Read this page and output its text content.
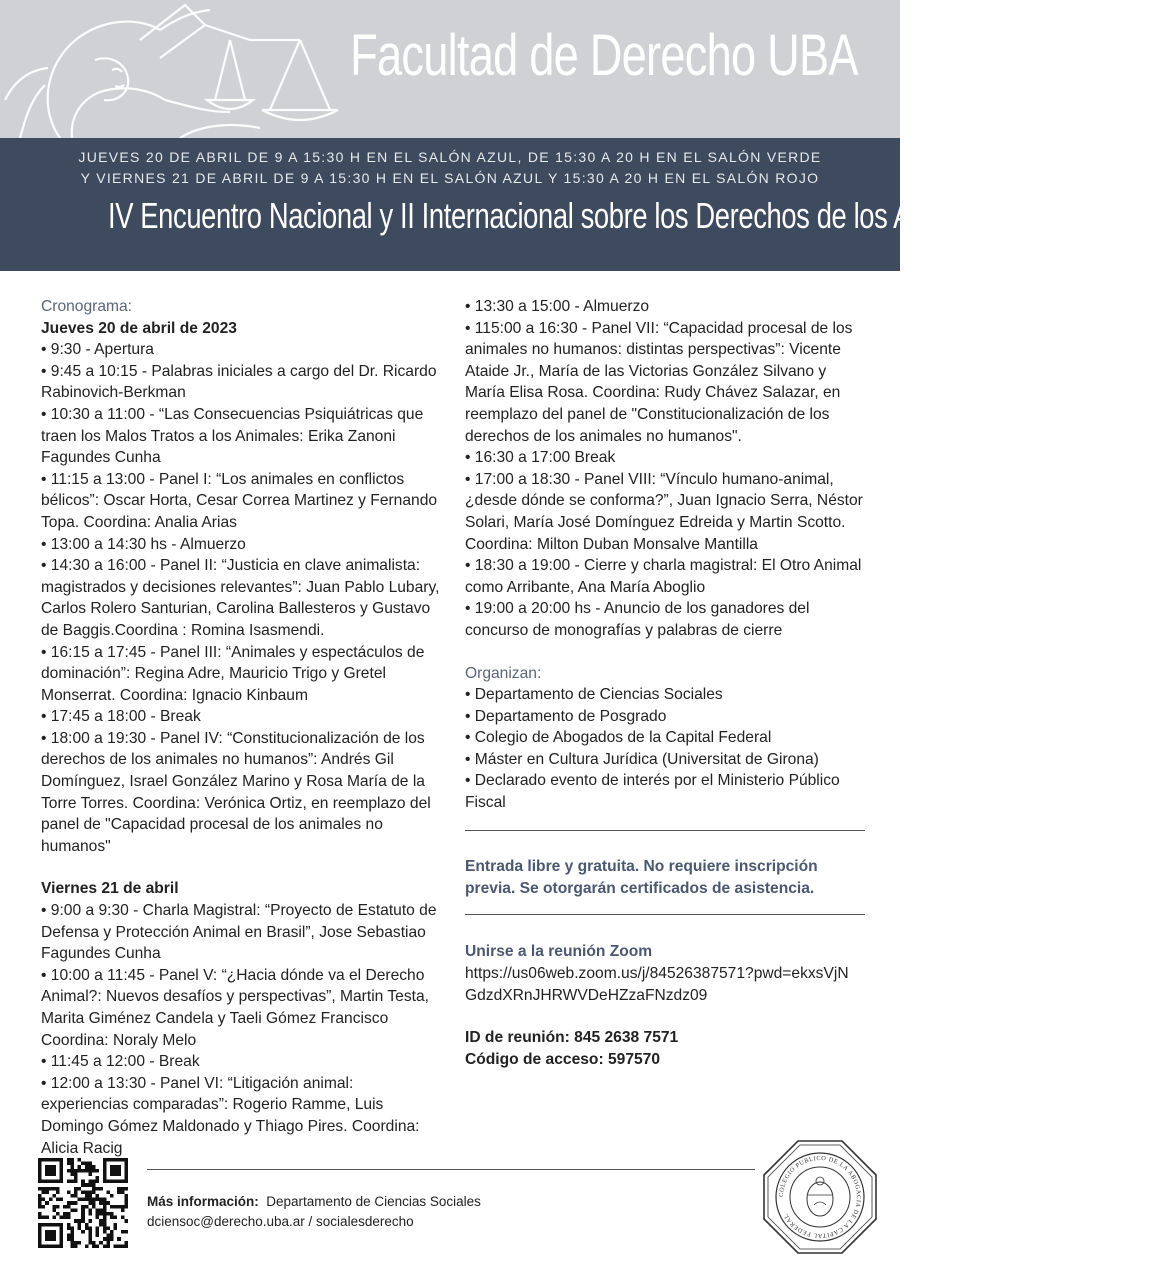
Facultad de Derecho UBA
JUEVES 20 DE ABRIL DE 9 A 15:30 H EN EL SALÓN AZUL, DE 15:30 A 20 H EN EL SALÓN VERDE
Y VIERNES 21 DE ABRIL DE 9 A 15:30 H EN EL SALÓN AZUL Y 15:30 A 20 H EN EL SALÓN ROJO
IV Encuentro Nacional y II Internacional sobre los Derechos de los Animales No Humanos
Cronograma:
Jueves 20 de abril de 2023
• 9:30 - Apertura
• 9:45 a 10:15 - Palabras iniciales a cargo del Dr. Ricardo Rabinovich-Berkman
• 10:30 a 11:00 - “Las Consecuencias Psiquiátricas que traen los Malos Tratos a los Animales: Erika Zanoni Fagundes Cunha
• 11:15 a 13:00 - Panel I: “Los animales en conflictos bélicos”: Oscar Horta, Cesar Correa Martinez y Fernando Topa. Coordina: Analia Arias
• 13:00 a 14:30 hs - Almuerzo
• 14:30 a 16:00 - Panel II: “Justicia en clave animalista: magistrados y decisiones relevantes”: Juan Pablo Lubary, Carlos Rolero Santurian, Carolina Ballesteros y Gustavo de Baggis.Coordina : Romina Isasmendi.
• 16:15 a 17:45 - Panel III: “Animales y espectáculos de dominación”: Regina Adre, Mauricio Trigo y Gretel Monserrat. Coordina: Ignacio Kinbaum
• 17:45 a 18:00 - Break
• 18:00 a 19:30 - Panel IV: “Constitucionalización de los derechos de los animales no humanos”: Andrés Gil Domínguez, Israel González Marino y Rosa María de la Torre Torres. Coordina: Verónica Ortiz, en reemplazo del panel de "Capacidad procesal de los animales no humanos"
Viernes 21 de abril
• 9:00 a 9:30 - Charla Magistral: “Proyecto de Estatuto de Defensa y Protección Animal en Brasil”, Jose Sebastiao Fagundes Cunha
• 10:00 a 11:45 - Panel V: “¿Hacia dónde va el Derecho Animal?: Nuevos desafíos y perspectivas”, Martin Testa, Marita Giménez Candela y Taeli Gómez Francisco Coordina: Noraly Melo
• 11:45 a 12:00 - Break
• 12:00 a 13:30 - Panel VI: “Litigación animal: experiencias comparadas”: Rogerio Ramme, Luis Domingo Gómez Maldonado y Thiago Pires. Coordina: Alicia Racig
• 13:30 a 15:00 - Almuerzo
• 115:00 a 16:30 - Panel VII: “Capacidad procesal de los animales no humanos: distintas perspectivas”: Vicente Ataide Jr., María de las Victorias González Silvano y María Elisa Rosa. Coordina: Rudy Chávez Salazar, en reemplazo del panel de "Constitucionalización de los derechos de los animales no humanos".
• 16:30 a 17:00 Break
• 17:00 a 18:30 - Panel VIII: “Vínculo humano-animal, ¿desde dónde se conforma?”, Juan Ignacio Serra, Néstor Solari, María José Domínguez Edreida y Martin Scotto. Coordina: Milton Duban Monsalve Mantilla
• 18:30 a 19:00 - Cierre y charla magistral: El Otro Animal como Arribante, Ana María Aboglio
• 19:00 a 20:00 hs - Anuncio de los ganadores del concurso de monografías y palabras de cierre
Organizan:
• Departamento de Ciencias Sociales
• Departamento de Posgrado
• Colegio de Abogados de la Capital Federal
• Máster en Cultura Jurídica (Universitat de Girona)
• Declarado evento de interés por el Ministerio Público Fiscal
Entrada libre y gratuita. No requiere inscripción
previa. Se otorgarán certificados de asistencia.
Unirse a la reunión Zoom
https://us06web.zoom.us/j/84526387571?pwd=ekxsVjN
GdzdXRnJHRWVDeHZzaFNzdz09
ID de reunión: 845 2638 7571
Código de acceso: 597570
Más información: Departamento de Ciencias Sociales
dciensoc@derecho.uba.ar / socialesderecho
COLEGIO PUBLICO DE LA ABOGACIA DE LA CAPITAL FEDERAL
